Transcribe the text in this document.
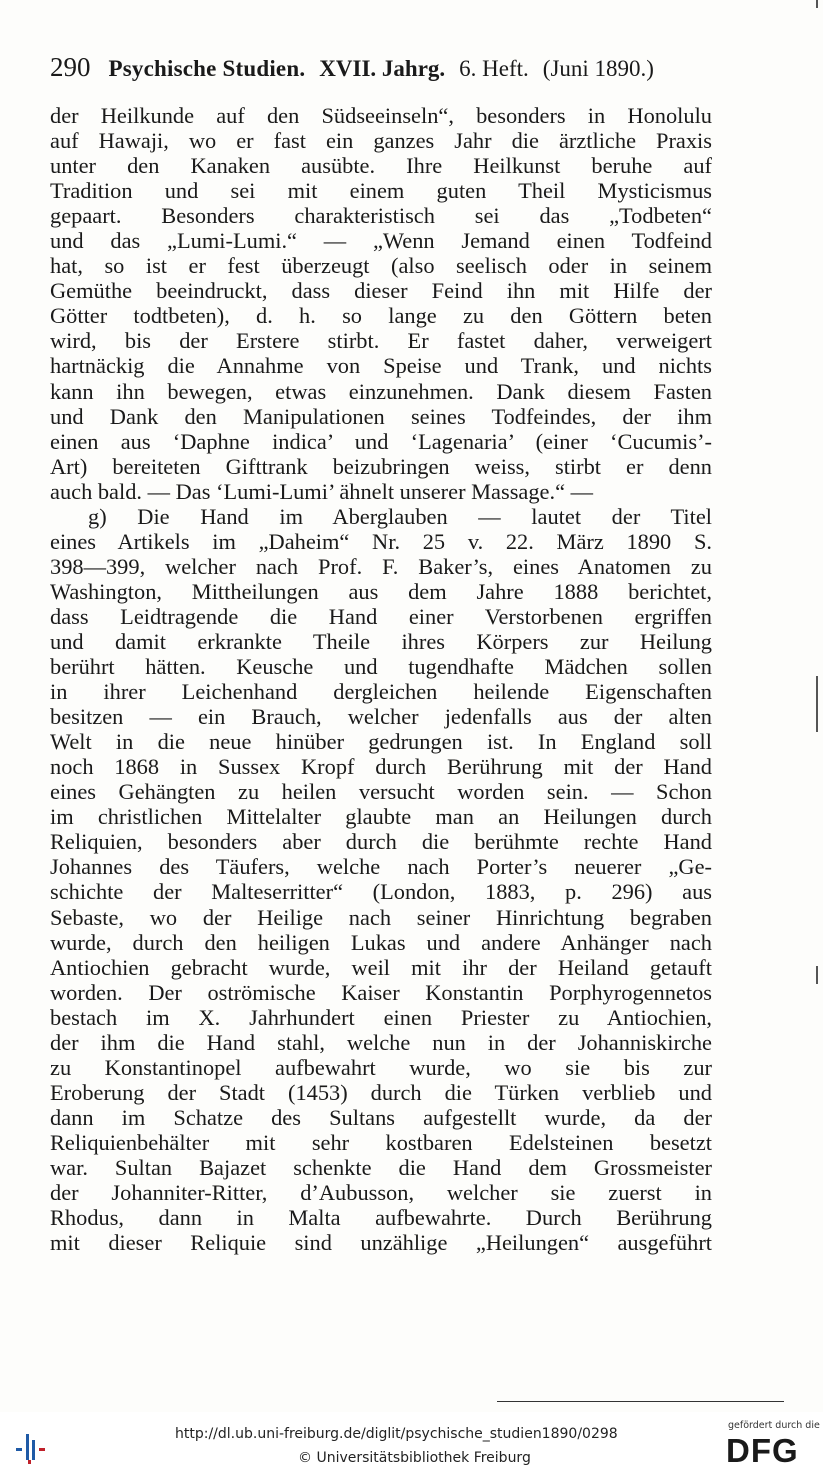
290 Psychische Studien. XVII. Jahrg. 6. Heft. (Juni 1890.)
der Heilkunde auf den Südseeinseln“, besonders in Honolulu
auf Hawaji, wo er fast ein ganzes Jahr die ärztliche Praxis
unter den Kanaken ausübte. Ihre Heilkunst beruhe auf
Tradition und sei mit einem guten Theil Mysticismus
gepaart. Besonders charakteristisch sei das „Todbeten“
und das „Lumi-Lumi.“ — „Wenn Jemand einen Todfeind
hat, so ist er fest überzeugt (also seelisch oder in seinem
Gemüthe beeindruckt, dass dieser Feind ihn mit Hilfe der
Götter todtbeten), d. h. so lange zu den Göttern beten
wird, bis der Erstere stirbt. Er fastet daher, verweigert
hartnäckig die Annahme von Speise und Trank, und nichts
kann ihn bewegen, etwas einzunehmen. Dank diesem Fasten
und Dank den Manipulationen seines Todfeindes, der ihm
einen aus ‘Daphne indica’ und ‘Lagenaria’ (einer ‘Cucumis’-
Art) bereiteten Gifttrank beizubringen weiss, stirbt er denn
auch bald. — Das ‘Lumi-Lumi’ ähnelt unserer Massage.“ —
g) Die Hand im Aberglauben — lautet der Titel
eines Artikels im „Daheim“ Nr. 25 v. 22. März 1890 S.
398—399, welcher nach Prof. F. Baker’s, eines Anatomen zu
Washington, Mittheilungen aus dem Jahre 1888 berichtet,
dass Leidtragende die Hand einer Verstorbenen ergriffen
und damit erkrankte Theile ihres Körpers zur Heilung
berührt hätten. Keusche und tugendhafte Mädchen sollen
in ihrer Leichenhand dergleichen heilende Eigenschaften
besitzen — ein Brauch, welcher jedenfalls aus der alten
Welt in die neue hinüber gedrungen ist. In England soll
noch 1868 in Sussex Kropf durch Berührung mit der Hand
eines Gehängten zu heilen versucht worden sein. — Schon
im christlichen Mittelalter glaubte man an Heilungen durch
Reliquien, besonders aber durch die berühmte rechte Hand
Johannes des Täufers, welche nach Porter’s neuerer „Ge-
schichte der Malteserritter“ (London, 1883, p. 296) aus
Sebaste, wo der Heilige nach seiner Hinrichtung begraben
wurde, durch den heiligen Lukas und andere Anhänger nach
Antiochien gebracht wurde, weil mit ihr der Heiland getauft
worden. Der oströmische Kaiser Konstantin Porphyrogennetos
bestach im X. Jahrhundert einen Priester zu Antiochien,
der ihm die Hand stahl, welche nun in der Johanniskirche
zu Konstantinopel aufbewahrt wurde, wo sie bis zur
Eroberung der Stadt (1453) durch die Türken verblieb und
dann im Schatze des Sultans aufgestellt wurde, da der
Reliquienbehälter mit sehr kostbaren Edelsteinen besetzt
war. Sultan Bajazet schenkte die Hand dem Grossmeister
der Johanniter-Ritter, d’Aubusson, welcher sie zuerst in
Rhodus, dann in Malta aufbewahrte. Durch Berührung
mit dieser Reliquie sind unzählige „Heilungen“ ausgeführt
http://dl.ub.uni-freiburg.de/diglit/psychische_studien1890/0298
© Universitätsbibliothek Freiburg
gefördert durch die
DFG
